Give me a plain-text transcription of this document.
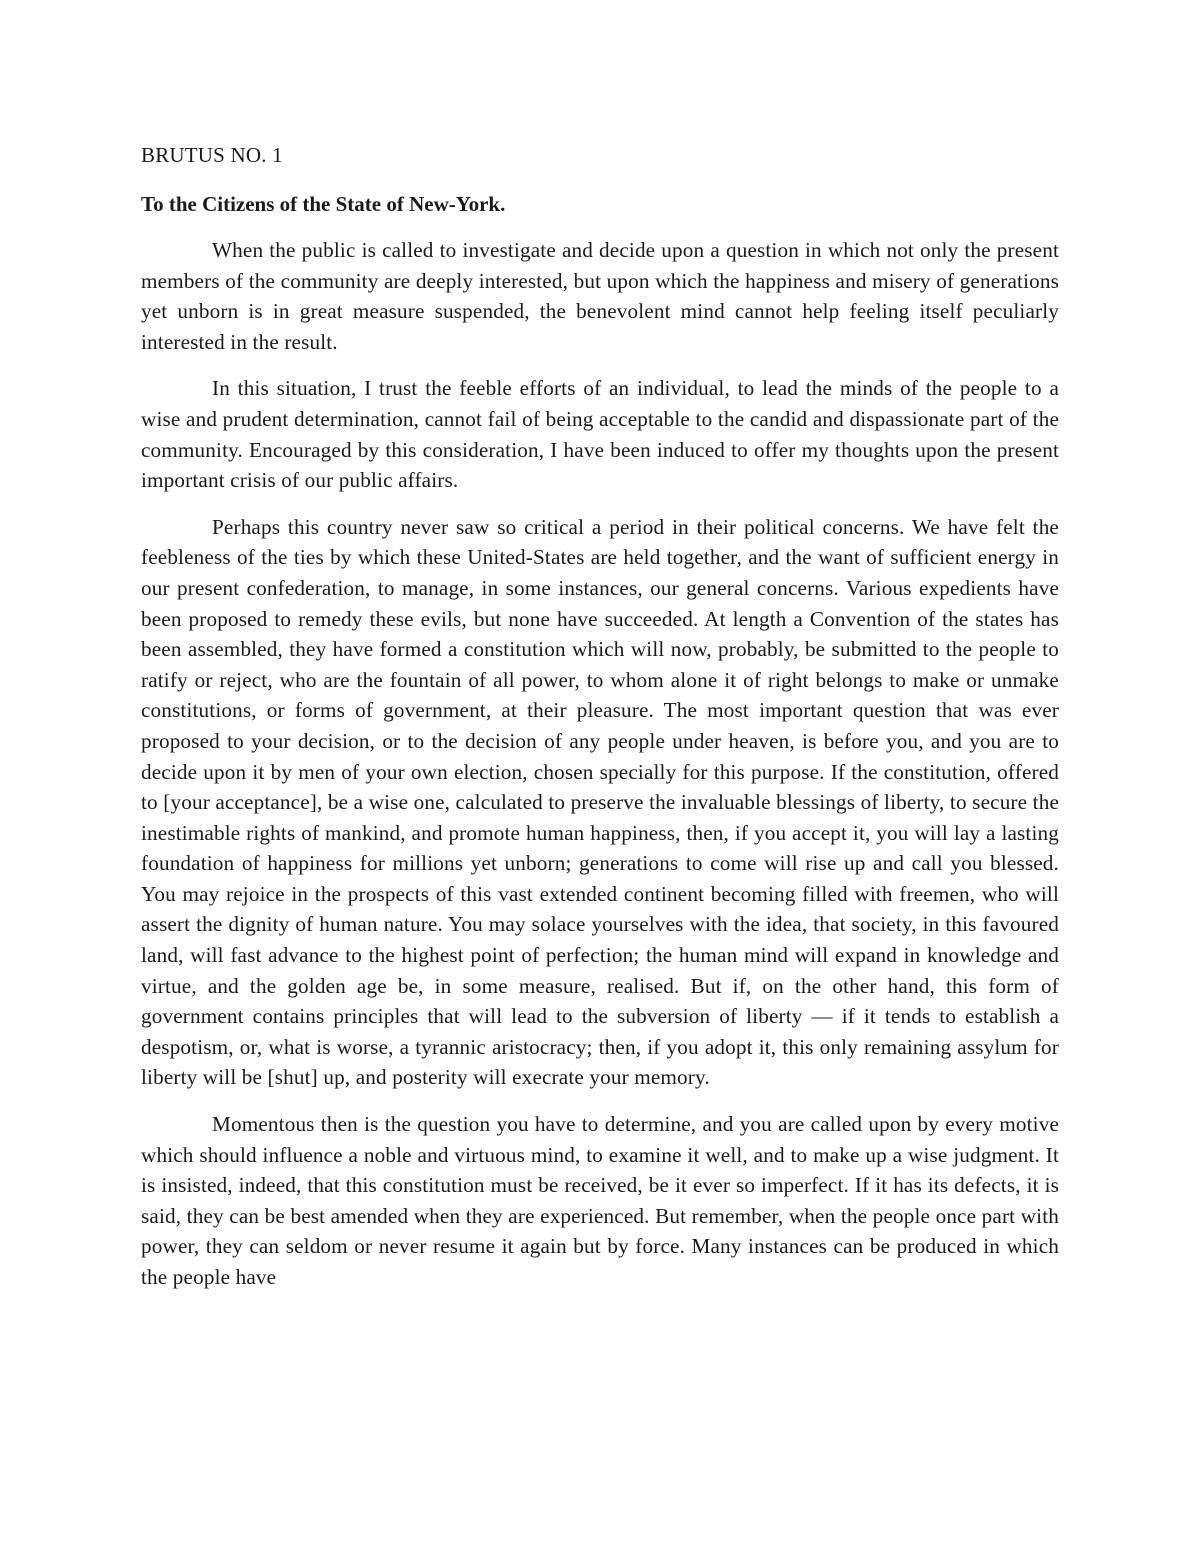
BRUTUS NO. 1

To the Citizens of the State of New-York.

When the public is called to investigate and decide upon a question in which not only the present members of the community are deeply interested, but upon which the happiness and misery of generations yet unborn is in great measure suspended, the benevolent mind cannot help feeling itself peculiarly interested in the result.

In this situation, I trust the feeble efforts of an individual, to lead the minds of the people to a wise and prudent determination, cannot fail of being acceptable to the candid and dispassionate part of the community. Encouraged by this consideration, I have been induced to offer my thoughts upon the present important crisis of our public affairs.

Perhaps this country never saw so critical a period in their political concerns. We have felt the feebleness of the ties by which these United-States are held together, and the want of sufficient energy in our present confederation, to manage, in some instances, our general concerns. Various expedients have been proposed to remedy these evils, but none have succeeded. At length a Convention of the states has been assembled, they have formed a constitution which will now, probably, be submitted to the people to ratify or reject, who are the fountain of all power, to whom alone it of right belongs to make or unmake constitutions, or forms of government, at their pleasure. The most important question that was ever proposed to your decision, or to the decision of any people under heaven, is before you, and you are to decide upon it by men of your own election, chosen specially for this purpose. If the constitution, offered to [your acceptance], be a wise one, calculated to preserve the invaluable blessings of liberty, to secure the inestimable rights of mankind, and promote human happiness, then, if you accept it, you will lay a lasting foundation of happiness for millions yet unborn; generations to come will rise up and call you blessed. You may rejoice in the prospects of this vast extended continent becoming filled with freemen, who will assert the dignity of human nature. You may solace yourselves with the idea, that society, in this favoured land, will fast advance to the highest point of perfection; the human mind will expand in knowledge and virtue, and the golden age be, in some measure, realised. But if, on the other hand, this form of government contains principles that will lead to the subversion of liberty — if it tends to establish a despotism, or, what is worse, a tyrannic aristocracy; then, if you adopt it, this only remaining assylum for liberty will be [shut] up, and posterity will execrate your memory.

Momentous then is the question you have to determine, and you are called upon by every motive which should influence a noble and virtuous mind, to examine it well, and to make up a wise judgment. It is insisted, indeed, that this constitution must be received, be it ever so imperfect. If it has its defects, it is said, they can be best amended when they are experienced. But remember, when the people once part with power, they can seldom or never resume it again but by force. Many instances can be produced in which the people have
